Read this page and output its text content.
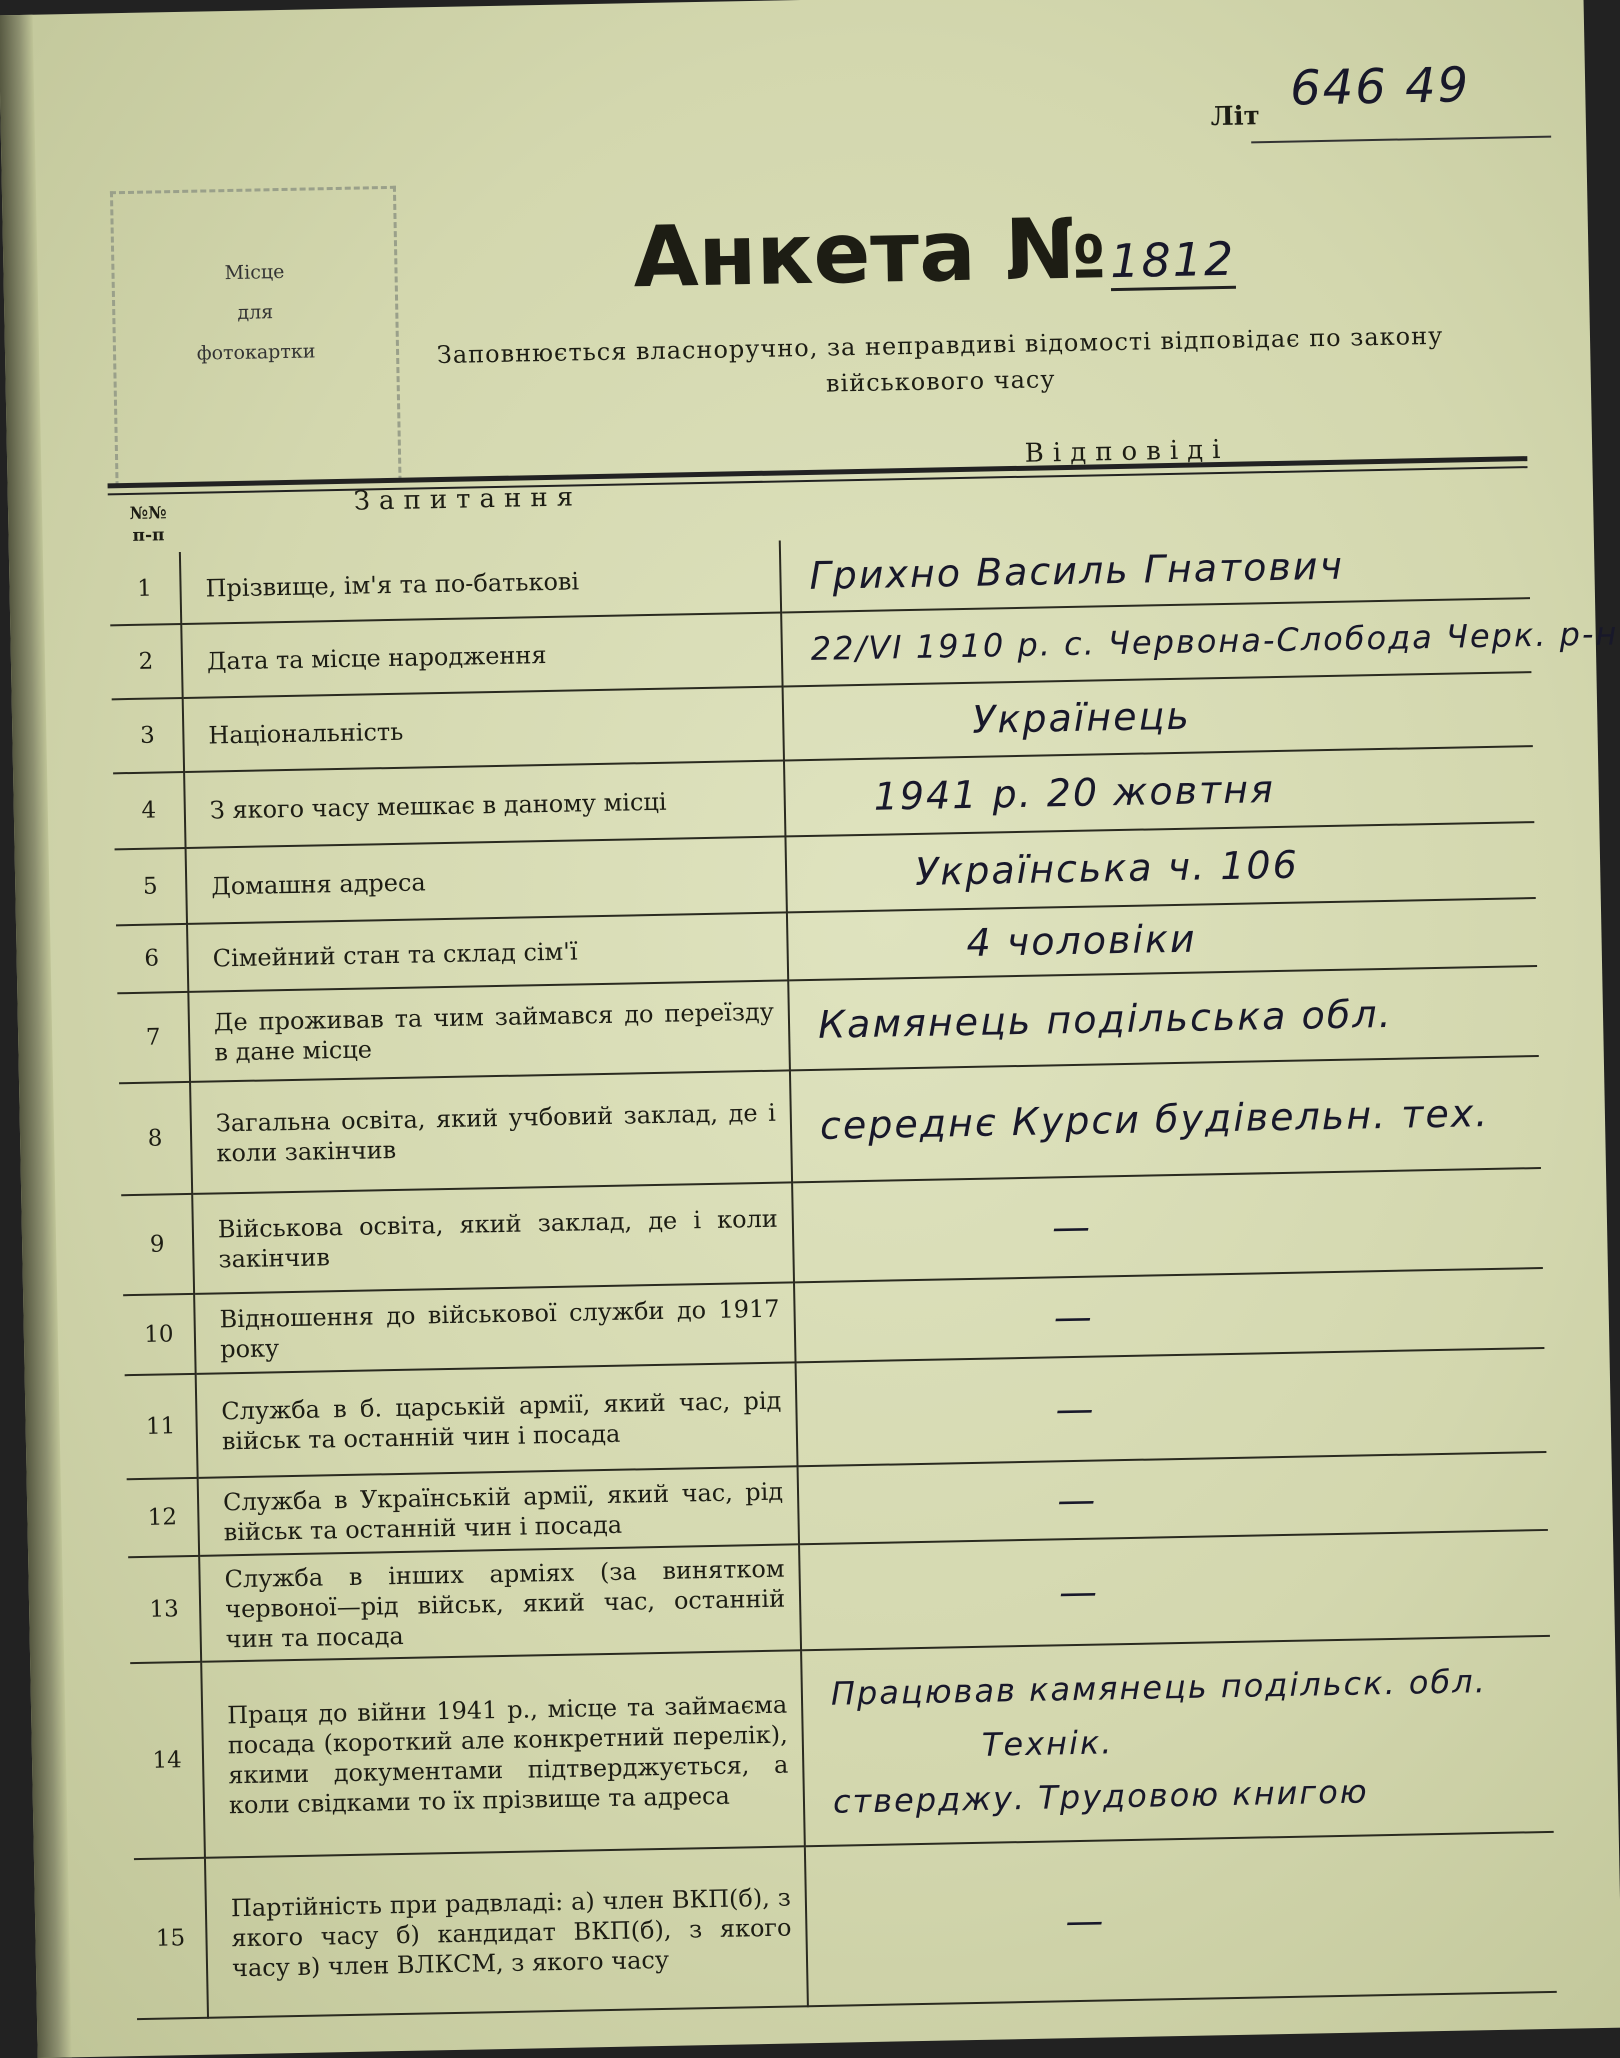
Літ
646 49
Місце
для
фотокартки
Анкета №1812
Заповнюється власноручно, за неправдиві відомості відповідає по закону
військового часу
№№ п-п
Запитання
Відповіді
1	Прізвище, ім'я та по-батькові	Грихно Василь Гнатович

2	Дата та місце народження	22/VI 1910 р. с. Червона-Слобода Черк. р-н

3	Національність	Українець

4	З якого часу мешкає в даному місці	1941 р. 20 жовтня

5	Домашня адреса	Українська ч. 106

6	Сімейний стан та склад сім'ї	4 чоловіки

7	Де проживав та чим займався до переїзду в дане місце	Камянець подільська обл.

8	Загальна освіта, який учбовий заклад, де і коли закінчив	середнє Курси будівельн. тех.

9	Військова освіта, який заклад, де і коли закінчив	—
10	Відношення до військової служби до 1917 року	—
11	Служба в б. царській армії, який час, рід військ та останній чин і посада	—
12	Служба в Українській армії, який час, рід військ та останній чин і посада	—
13	Служба в інших арміях (за винятком червоної—рід військ, який час, останній чин та посада	—
14	Праця до війни 1941 р., місце та займаєма посада (короткий але конкретний перелік), якими документами підтверджується, а коли свідками то їх прізвище та адреса	Працював камянець подільск. обл.
Технік.
стверджу. Трудовою книгою

15	Партійність при радвладі: а) член ВКП(б), з якого часу б) кандидат ВКП(б), з якого часу в) член ВЛКСМ, з якого часу	—
